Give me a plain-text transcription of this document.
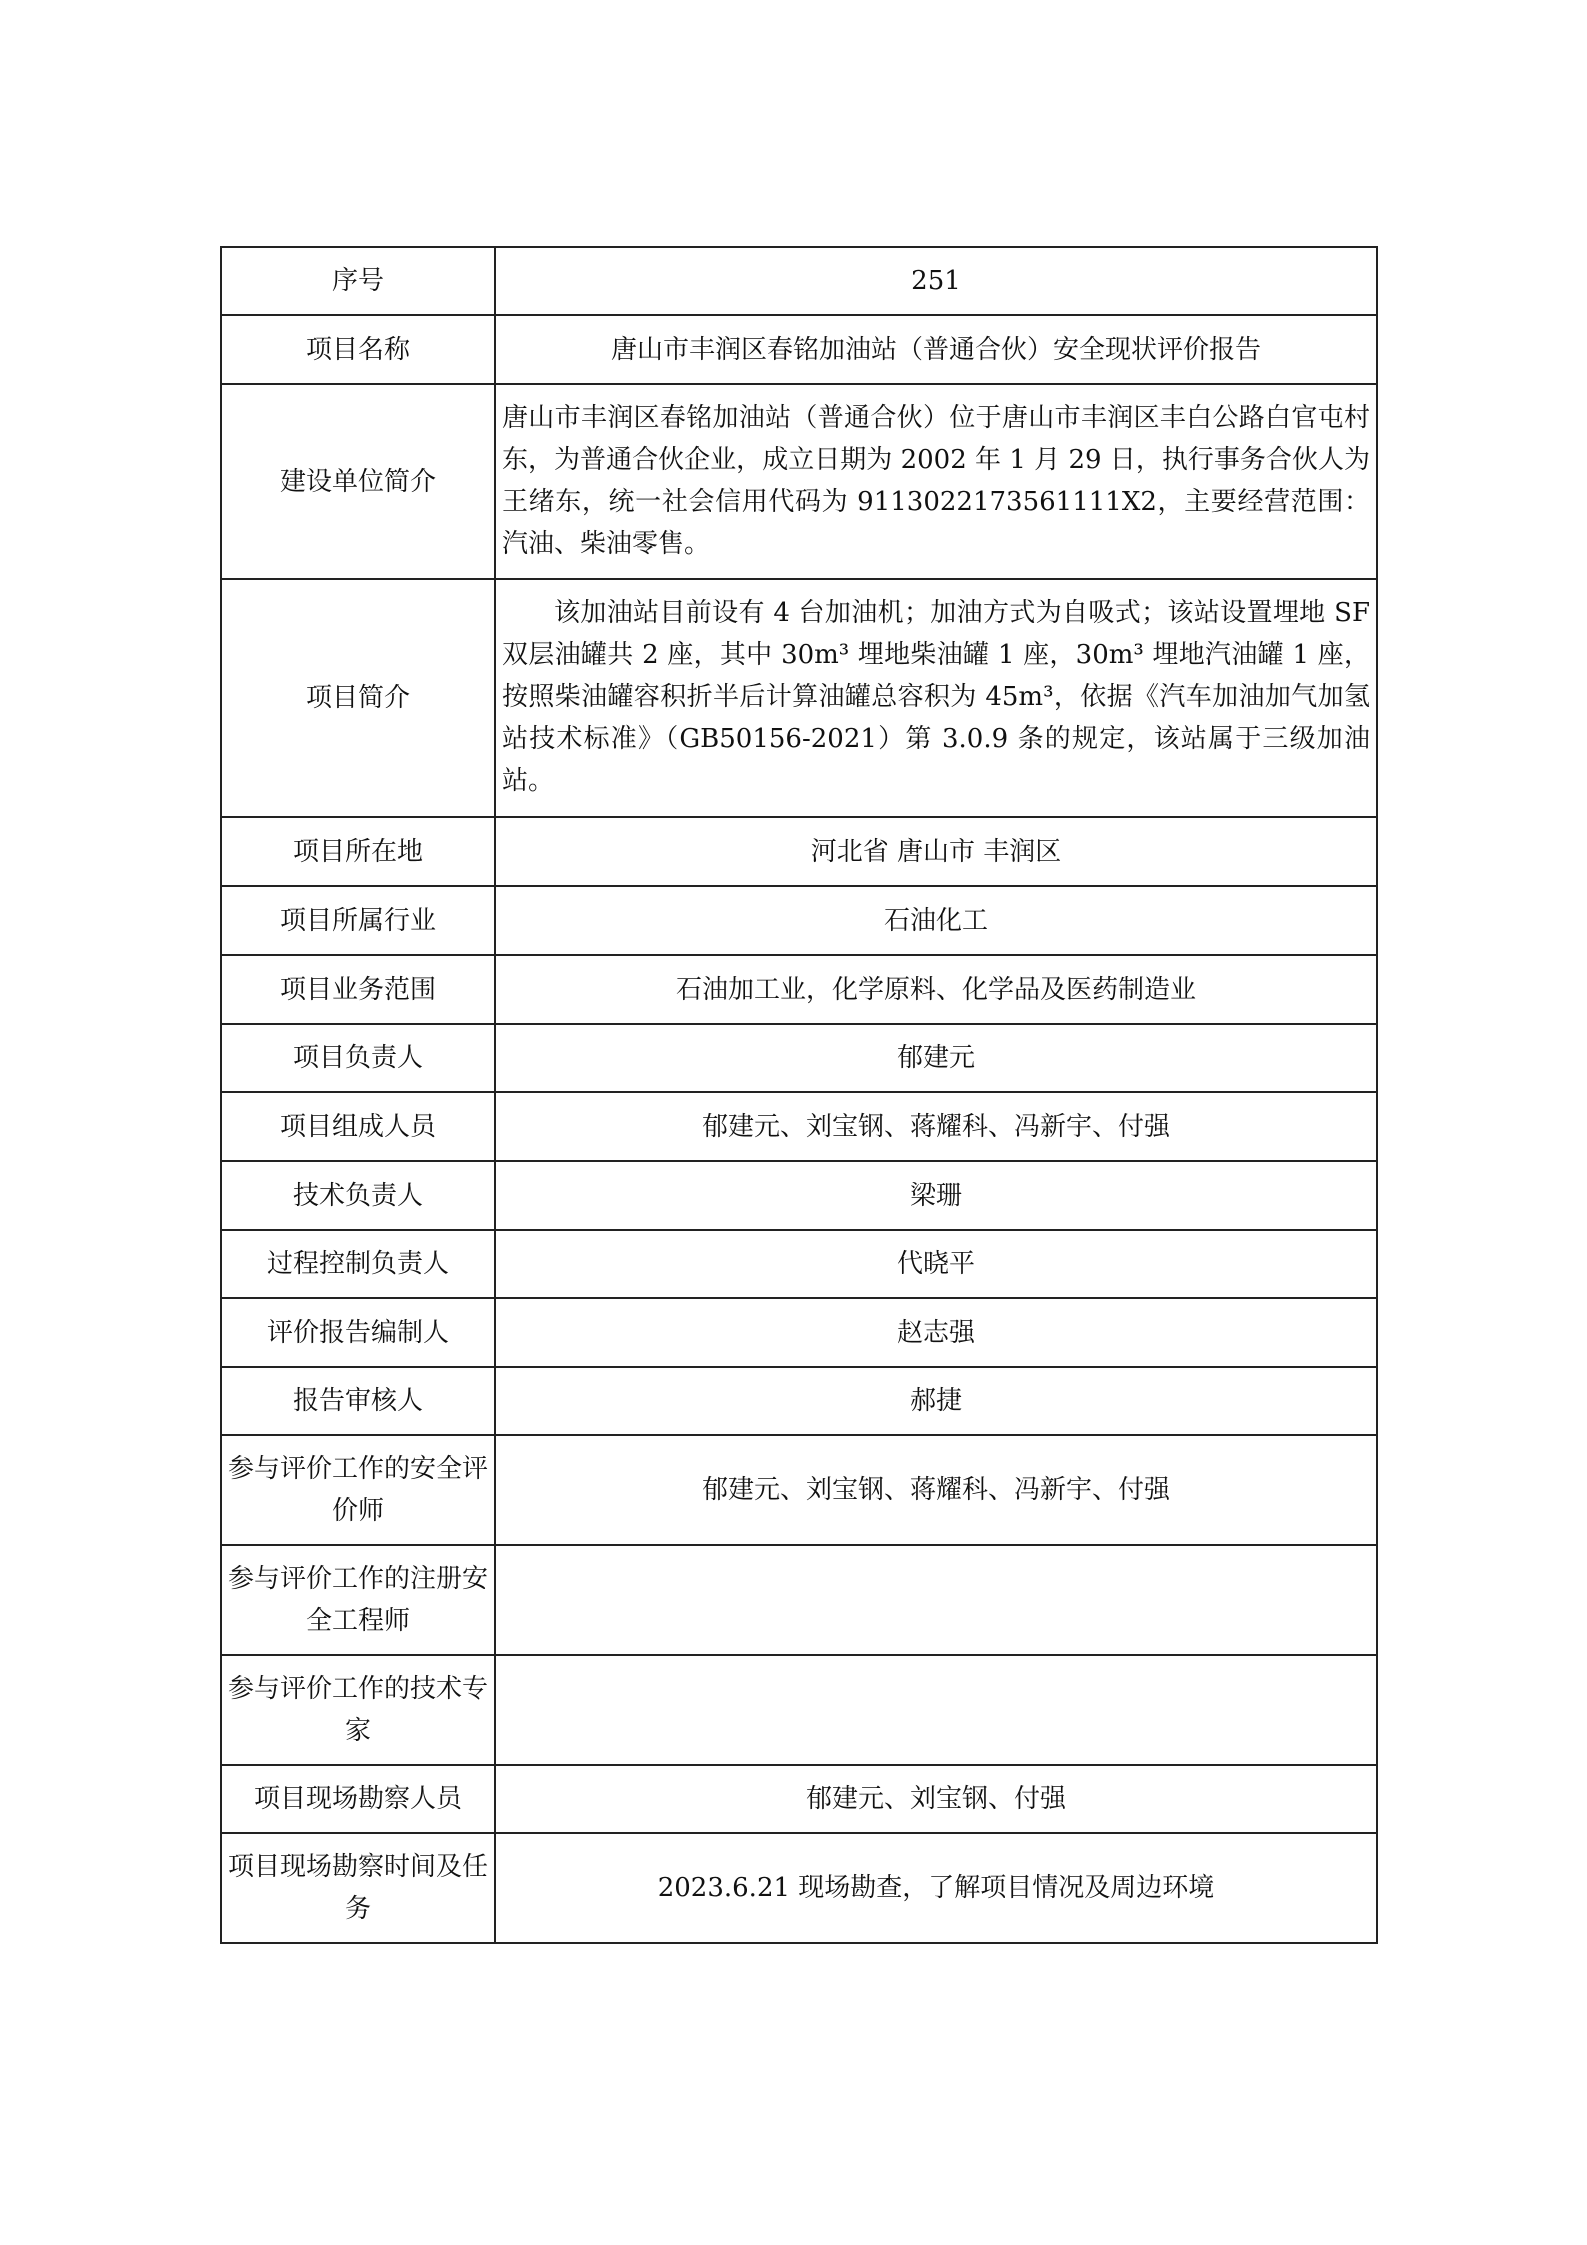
序号	251
项目名称	唐山市丰润区春铭加油站（普通合伙）安全现状评价报告
建设单位简介	唐山市丰润区春铭加油站（普通合伙）位于唐山市丰润区丰白公路白官屯村东，为普通合伙企业，成立日期为 2002 年 1 月 29 日，执行事务合伙人为王绪东，统一社会信用代码为 9113022173561111X2，主要经营范围：汽油、柴油零售。
项目简介	该加油站目前设有 4 台加油机；加油方式为自吸式；该站设置埋地 SF 双层油罐共 2 座，其中 30m³ 埋地柴油罐 1 座，30m³ 埋地汽油罐 1 座，按照柴油罐容积折半后计算油罐总容积为 45m³，依据《汽车加油加气加氢站技术标准》（GB50156-2021）第 3.0.9 条的规定，该站属于三级加油站。
项目所在地	河北省 唐山市 丰润区
项目所属行业	石油化工
项目业务范围	石油加工业，化学原料、化学品及医药制造业
项目负责人	郁建元
项目组成人员	郁建元、刘宝钢、蒋耀科、冯新宇、付强
技术负责人	梁珊
过程控制负责人	代晓平
评价报告编制人	赵志强
报告审核人	郝捷
参与评价工作的安全评价师	郁建元、刘宝钢、蒋耀科、冯新宇、付强
参与评价工作的注册安全工程师	
参与评价工作的技术专家	
项目现场勘察人员	郁建元、刘宝钢、付强
项目现场勘察时间及任务	2023.6.21 现场勘查，了解项目情况及周边环境
